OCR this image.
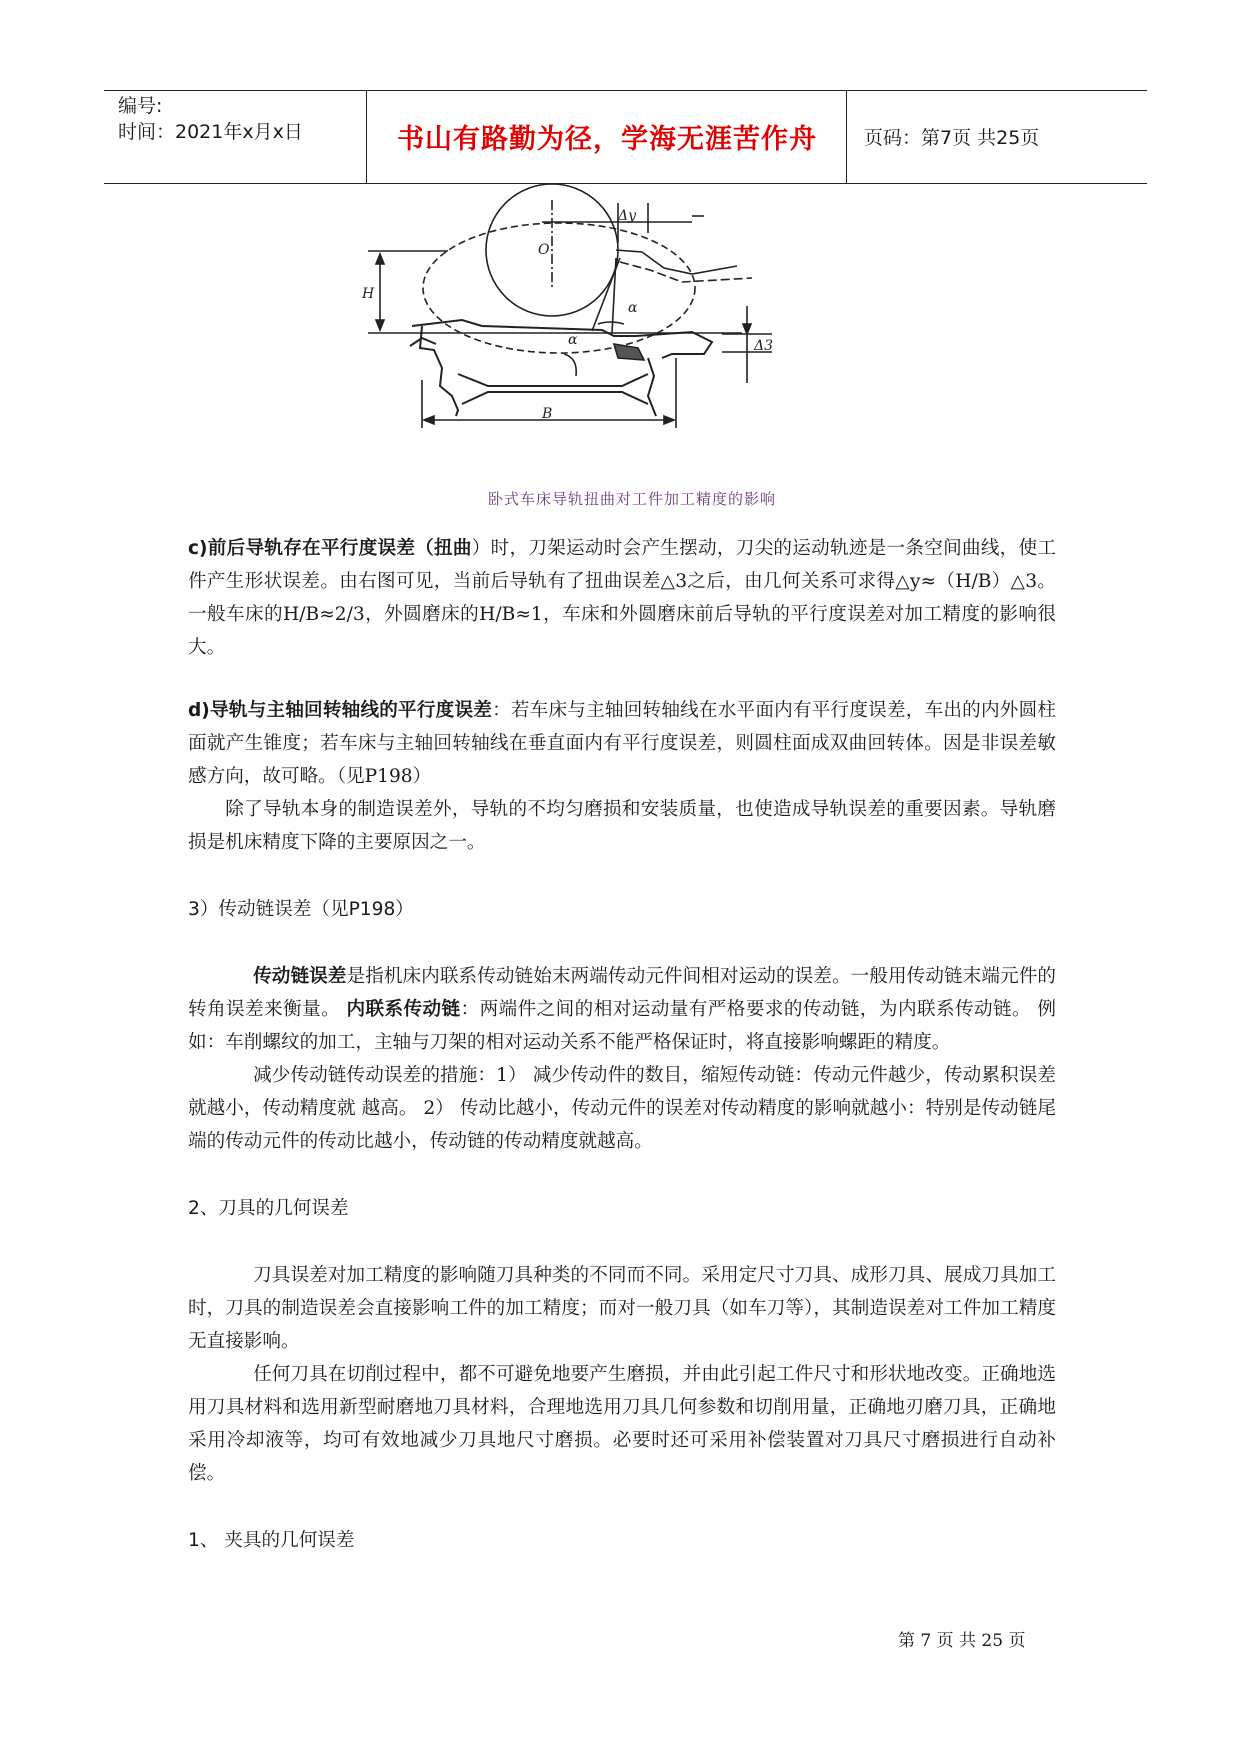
编号:
时间：2021年x月x日	书山有路勤为径，学海无涯苦作舟	页码：第7页 共25页
O
H
B
α
α
Δy
Δ3
卧式车床导轨扭曲对工件加工精度的影响

c)前后导轨存在平行度误差（扭曲）时，刀架运动时会产生摆动，刀尖的运动轨迹是一条空间曲线，使工件产生形状误差。由右图可见，当前后导轨有了扭曲误差△3之后，由几何关系可求得△y≈（H/B）△3。一般车床的H/B≈2/3，外圆磨床的H/B≈1，车床和外圆磨床前后导轨的平行度误差对加工精度的影响很大。

d)导轨与主轴回转轴线的平行度误差：若车床与主轴回转轴线在水平面内有平行度误差，车出的内外圆柱面就产生锥度；若车床与主轴回转轴线在垂直面内有平行度误差，则圆柱面成双曲回转体。因是非误差敏感方向，故可略。（见P198）

除了导轨本身的制造误差外，导轨的不均匀磨损和安装质量，也使造成导轨误差的重要因素。导轨磨损是机床精度下降的主要原因之一。

3）传动链误差（见P198）

传动链误差是指机床内联系传动链始末两端传动元件间相对运动的误差。一般用传动链末端元件的转角误差来衡量。 内联系传动链：两端件之间的相对运动量有严格要求的传动链，为内联系传动链。 例如：车削螺纹的加工，主轴与刀架的相对运动关系不能严格保证时，将直接影响螺距的精度。

减少传动链传动误差的措施：1） 减少传动件的数目，缩短传动链：传动元件越少，传动累积误差就越小，传动精度就 越高。 2） 传动比越小，传动元件的误差对传动精度的影响就越小：特别是传动链尾端的传动元件的传动比越小，传动链的传动精度就越高。

2、刀具的几何误差

刀具误差对加工精度的影响随刀具种类的不同而不同。采用定尺寸刀具、成形刀具、展成刀具加工时，刀具的制造误差会直接影响工件的加工精度；而对一般刀具（如车刀等），其制造误差对工件加工精度无直接影响。

任何刀具在切削过程中，都不可避免地要产生磨损，并由此引起工件尺寸和形状地改变。正确地选用刀具材料和选用新型耐磨地刀具材料，合理地选用刀具几何参数和切削用量，正确地刃磨刀具，正确地采用冷却液等，均可有效地减少刀具地尺寸磨损。必要时还可采用补偿装置对刀具尺寸磨损进行自动补偿。

1、 夹具的几何误差

第 7 页 共 25 页
